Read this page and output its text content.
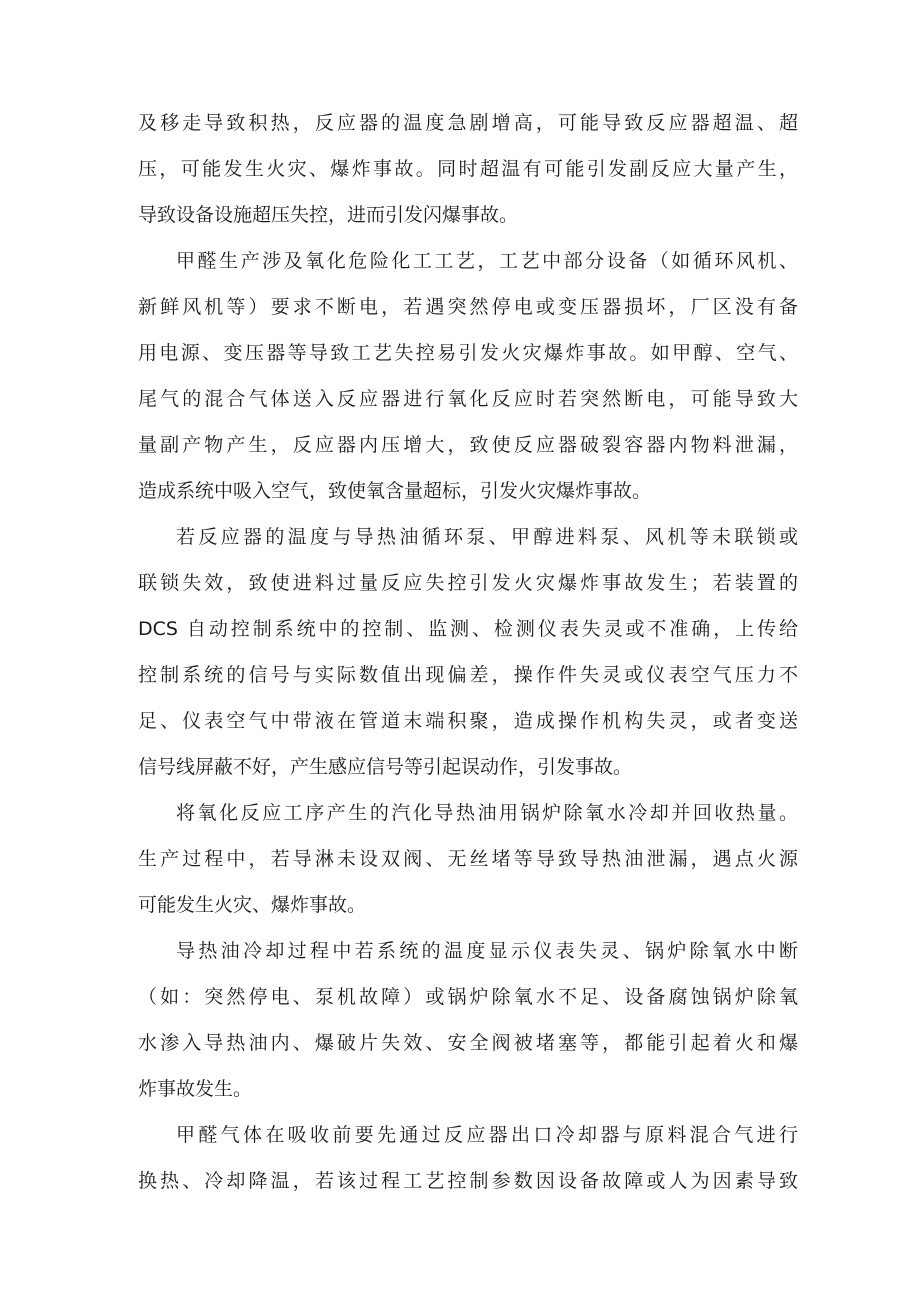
及移走导致积热，反应器的温度急剧增高，可能导致反应器超温、超
压，可能发生火灾、爆炸事故。同时超温有可能引发副反应大量产生，
导致设备设施超压失控，进而引发闪爆事故。
甲醛生产涉及氧化危险化工工艺，工艺中部分设备（如循环风机、
新鲜风机等）要求不断电，若遇突然停电或变压器损坏，厂区没有备
用电源、变压器等导致工艺失控易引发火灾爆炸事故。如甲醇、空气、
尾气的混合气体送入反应器进行氧化反应时若突然断电，可能导致大
量副产物产生，反应器内压增大，致使反应器破裂容器内物料泄漏，
造成系统中吸入空气，致使氧含量超标，引发火灾爆炸事故。
若反应器的温度与导热油循环泵、甲醇进料泵、风机等未联锁或
联锁失效，致使进料过量反应失控引发火灾爆炸事故发生；若装置的
DCS 自动控制系统中的控制、监测、检测仪表失灵或不准确，上传给
控制系统的信号与实际数值出现偏差，操作件失灵或仪表空气压力不
足、仪表空气中带液在管道末端积聚，造成操作机构失灵，或者变送
信号线屏蔽不好，产生感应信号等引起误动作，引发事故。
将氧化反应工序产生的汽化导热油用锅炉除氧水冷却并回收热量。
生产过程中，若导淋未设双阀、无丝堵等导致导热油泄漏，遇点火源
可能发生火灾、爆炸事故。
导热油冷却过程中若系统的温度显示仪表失灵、锅炉除氧水中断
（如：突然停电、泵机故障）或锅炉除氧水不足、设备腐蚀锅炉除氧
水渗入导热油内、爆破片失效、安全阀被堵塞等，都能引起着火和爆
炸事故发生。
甲醛气体在吸收前要先通过反应器出口冷却器与原料混合气进行
换热、冷却降温，若该过程工艺控制参数因设备故障或人为因素导致
